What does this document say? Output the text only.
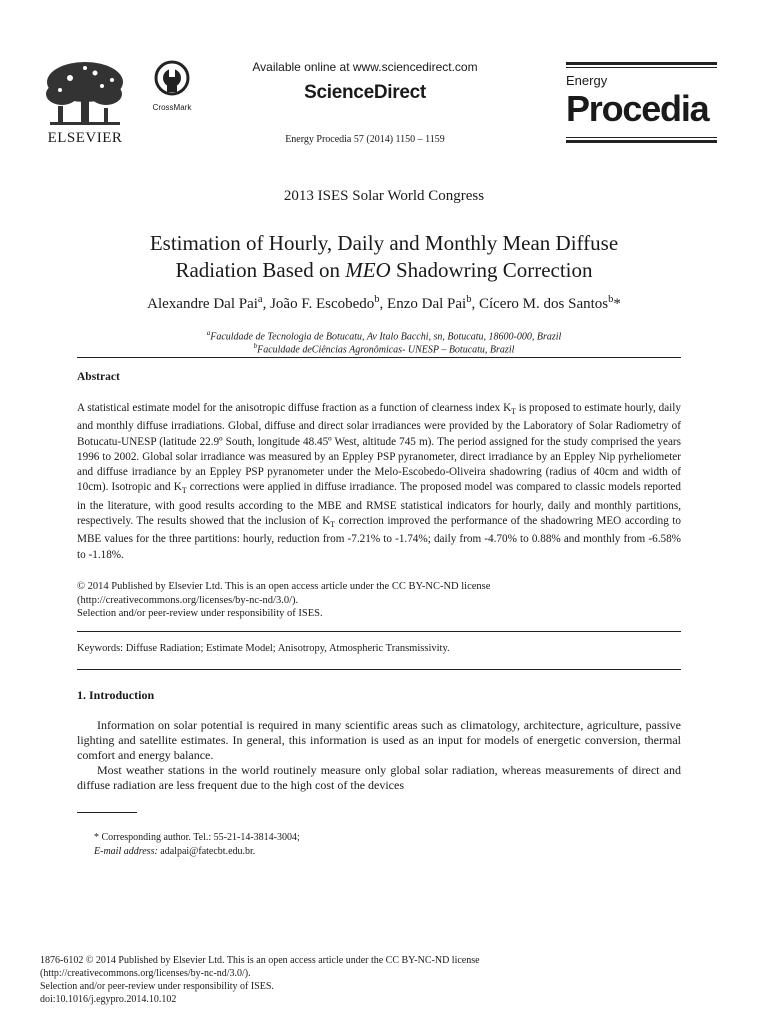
ELSEVIER
CrossMark
Available online at www.sciencedirect.com
ScienceDirect
Energy Procedia 57 (2014) 1150 – 1159
Energy
Procedia
2013 ISES Solar World Congress
Estimation of Hourly, Daily and Monthly Mean Diffuse
Radiation Based on MEO Shadowring Correction
Alexandre Dal Pai$^a$, João F. Escobedo$^b$, Enzo Dal Pai$^b$, Cícero M. dos Santos$^b$*
$^a$Faculdade de Tecnologia de Botucatu, Av Italo Bacchi, sn, Botucatu, 18600-000, Brazil
$^b$Faculdade deCiências Agronômicas- UNESP – Botucatu, Brazil
Abstract
A statistical estimate model for the anisotropic diffuse fraction as a function of clearness index $K_T$ is proposed to estimate hourly, daily and monthly diffuse irradiations. Global, diffuse and direct solar irradiances were provided by the Laboratory of Solar Radiometry of Botucatu-UNESP (latitude 22.9º South, longitude 48.45º West, altitude 745 m). The period assigned for the study comprised the years 1996 to 2002. Global solar irradiance was measured by an Eppley PSP pyranometer, direct irradiance by an Eppley Nip pyrheliometer and diffuse irradiance by an Eppley PSP pyranometer under the Melo-Escobedo-Oliveira shadowring (radius of 40cm and width of 10cm). Isotropic and $K_T$ corrections were applied in diffuse irradiance. The proposed model was compared to classic models reported in the literature, with good results according to the MBE and RMSE statistical indicators for hourly, daily and monthly partitions, respectively. The results showed that the inclusion of $K_T$ correction improved the performance of the shadowring MEO according to MBE values for the three partitions: hourly, reduction from -7.21% to -1.74%; daily from -4.70% to 0.88% and monthly from -6.58% to -1.18%.
© 2014 Published by Elsevier Ltd. This is an open access article under the CC BY-NC-ND license
(http://creativecommons.org/licenses/by-nc-nd/3.0/).
Selection and/or peer-review under responsibility of ISES.
Keywords: Diffuse Radiation; Estimate Model; Anisotropy, Atmospheric Transmissivity.
1. Introduction

Information on solar potential is required in many scientific areas such as climatology, architecture, agriculture, passive lighting and satellite estimates. In general, this information is used as an input for models of energetic conversion, thermal comfort and energy balance.

Most weather stations in the world routinely measure only global solar radiation, whereas measurements of direct and diffuse radiation are less frequent due to the high cost of the devices

* Corresponding author. Tel.: 55-21-14-3814-3004;
E-mail address: adalpai@fatecbt.edu.br.
1876-6102 © 2014 Published by Elsevier Ltd. This is an open access article under the CC BY-NC-ND license
(http://creativecommons.org/licenses/by-nc-nd/3.0/).
Selection and/or peer-review under responsibility of ISES.
doi:10.1016/j.egypro.2014.10.102
